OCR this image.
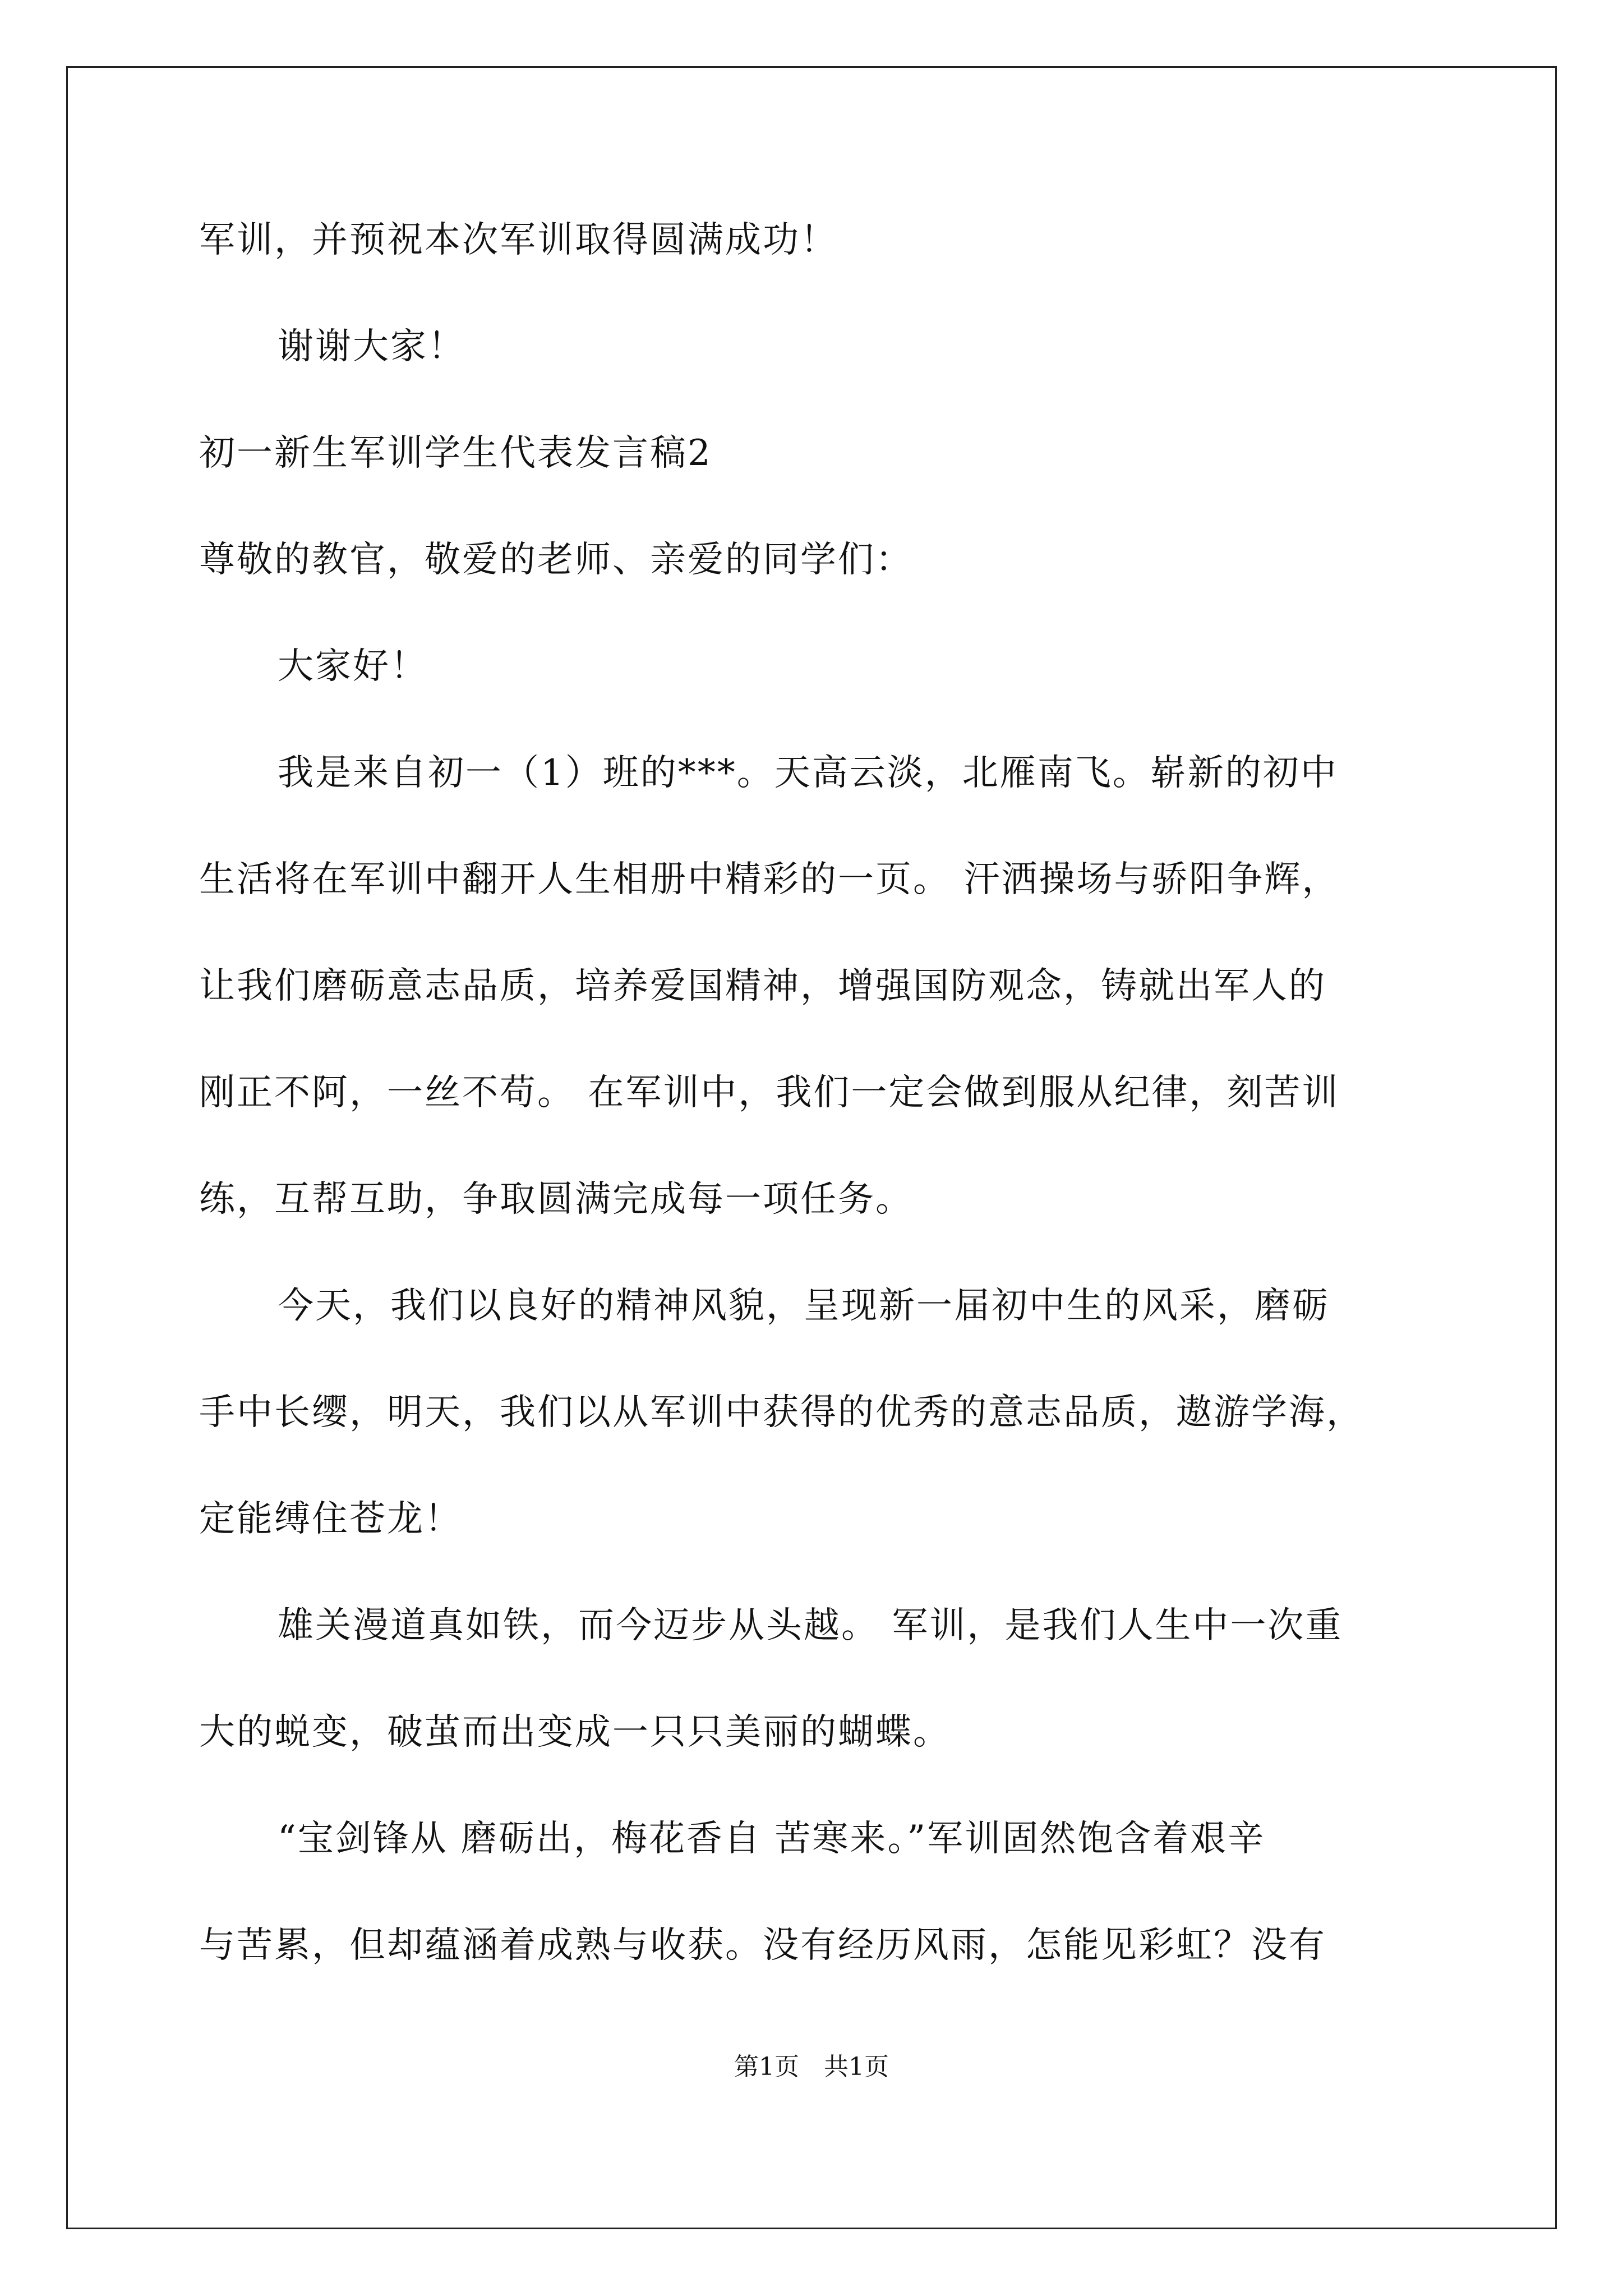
军训，并预祝本次军训取得圆满成功！

谢谢大家！

初一新生军训学生代表发言稿2

尊敬的教官，敬爱的老师、亲爱的同学们：

大家好！

我是来自初一（1）班的***。天高云淡，北雁南飞。崭新的初中

生活将在军训中翻开人生相册中精彩的一页。 汗洒操场与骄阳争辉，

让我们磨砺意志品质，培养爱国精神，增强国防观念，铸就出军人的

刚正不阿，一丝不苟。 在军训中，我们一定会做到服从纪律，刻苦训

练，互帮互助，争取圆满完成每一项任务。

今天，我们以良好的精神风貌，呈现新一届初中生的风采，磨砺

手中长缨，明天，我们以从军训中获得的优秀的意志品质，遨游学海，

定能缚住苍龙！

雄关漫道真如铁，而今迈步从头越。 军训，是我们人生中一次重

大的蜕变，破茧而出变成一只只美丽的蝴蝶。

“宝剑锋从 磨砺出，梅花香自 苦寒来。”军训固然饱含着艰辛

与苦累，但却蕴涵着成熟与收获。没有经历风雨，怎能见彩虹？没有

第1页　共1页
